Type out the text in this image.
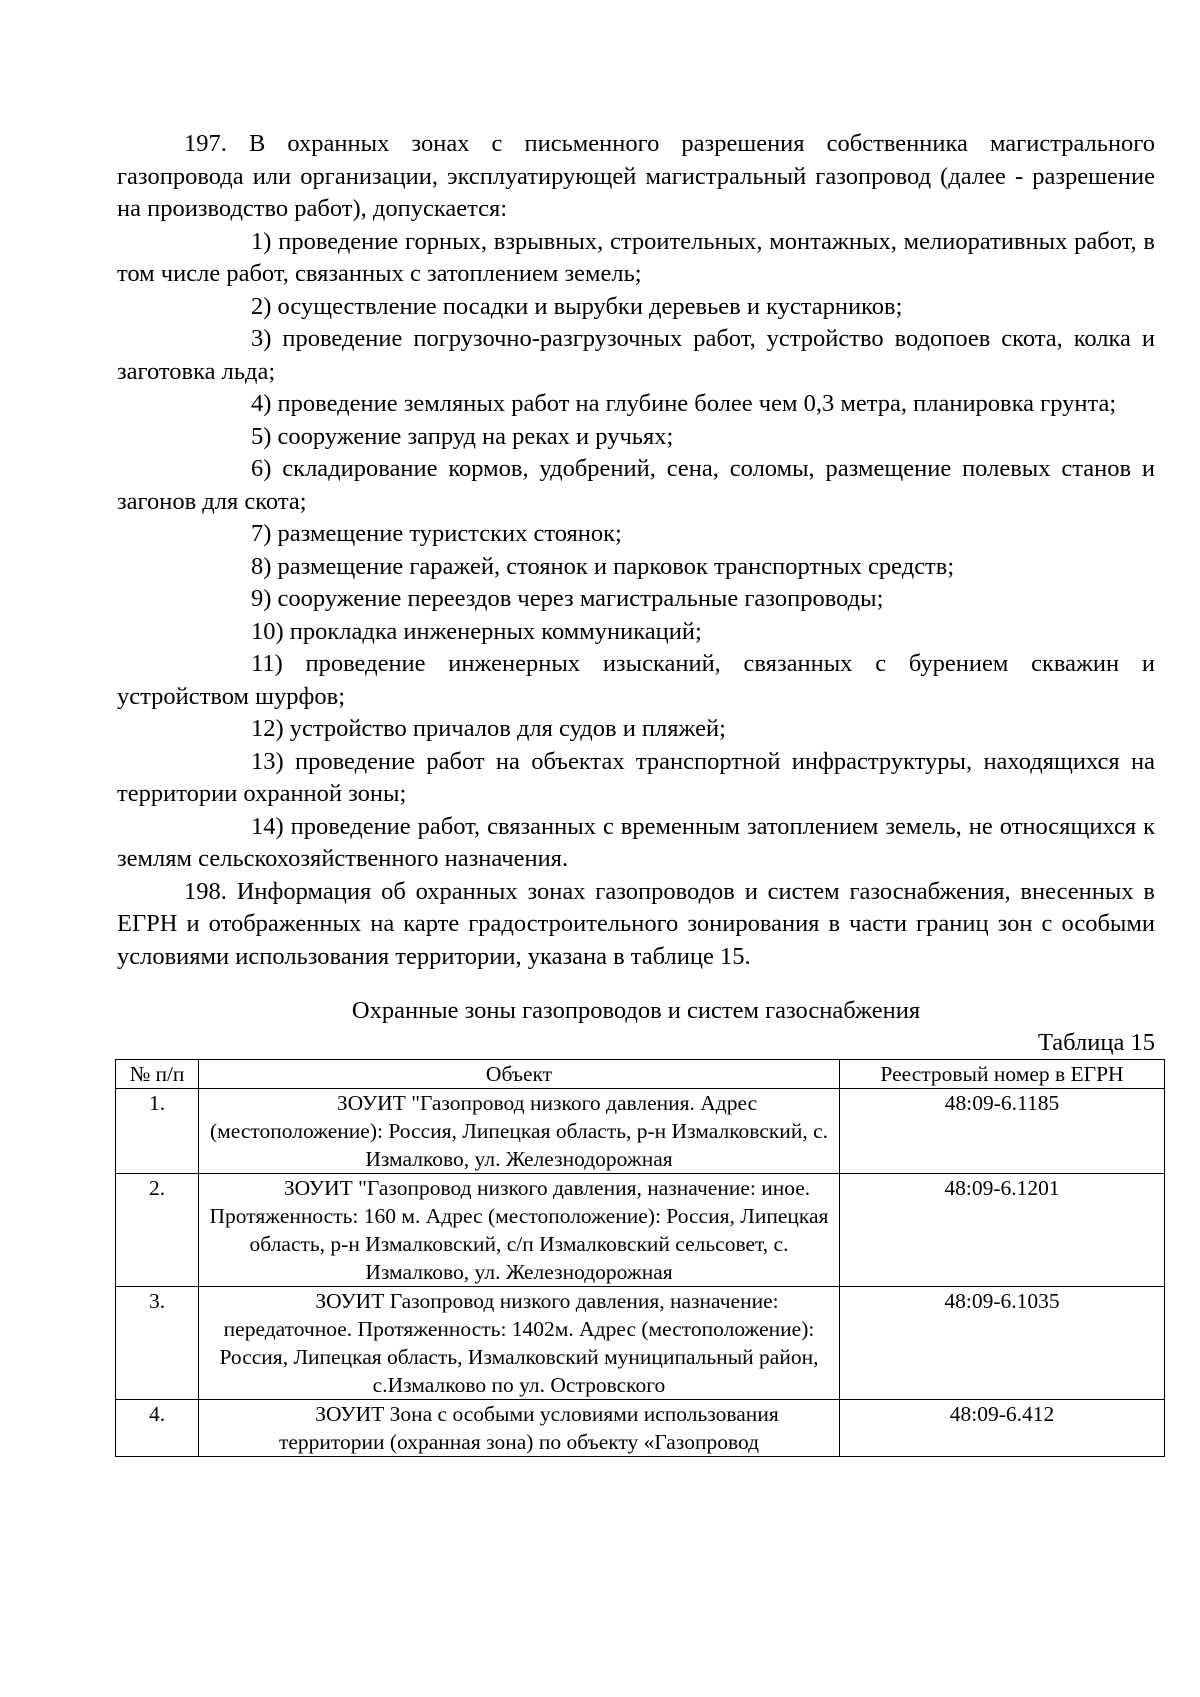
197. В охранных зонах с письменного разрешения собственника магистрального газопровода или организации, эксплуатирующей магистральный газопровод (далее - разрешение на производство работ), допускается:

1) проведение горных, взрывных, строительных, монтажных, мелиоративных работ, в том числе работ, связанных с затоплением земель;

2) осуществление посадки и вырубки деревьев и кустарников;

3) проведение погрузочно-разгрузочных работ, устройство водопоев скота, колка и заготовка льда;

4) проведение земляных работ на глубине более чем 0,3 метра, планировка грунта;

5) сооружение запруд на реках и ручьях;

6) складирование кормов, удобрений, сена, соломы, размещение полевых станов и загонов для скота;

7) размещение туристских стоянок;

8) размещение гаражей, стоянок и парковок транспортных средств;

9) сооружение переездов через магистральные газопроводы;

10) прокладка инженерных коммуникаций;

11) проведение инженерных изысканий, связанных с бурением скважин и устройством шурфов;

12) устройство причалов для судов и пляжей;

13) проведение работ на объектах транспортной инфраструктуры, находящихся на территории охранной зоны;

14) проведение работ, связанных с временным затоплением земель, не относящихся к землям сельскохозяйственного назначения.

198. Информация об охранных зонах газопроводов и систем газоснабжения, внесенных в ЕГРН и отображенных на карте градостроительного зонирования в части границ зон с особыми условиями использования территории, указана в таблице 15.

Охранные зоны газопроводов и систем газоснабжения

Таблица 15

№ п/п	Объект	Реестровый номер в ЕГРН
1.	ЗОУИТ "Газопровод низкого давления. Адрес (местоположение): Россия, Липецкая область, р-н Измалковский, с. Измалково, ул. Железнодорожная	48:09-6.1185
2.	ЗОУИТ "Газопровод низкого давления, назначение: иное. Протяженность: 160 м. Адрес (местоположение): Россия, Липецкая область, р-н Измалковский, с/п Измалковский сельсовет, с. Измалково, ул. Железнодорожная	48:09-6.1201
3.	ЗОУИТ Газопровод низкого давления, назначение: передаточное. Протяженность: 1402м. Адрес (местоположение): Россия, Липецкая область, Измалковский муниципальный район, с.Измалково по ул. Островского	48:09-6.1035
4.	ЗОУИТ Зона с особыми условиями использования территории (охранная зона) по объекту «Газопровод	48:09-6.412
